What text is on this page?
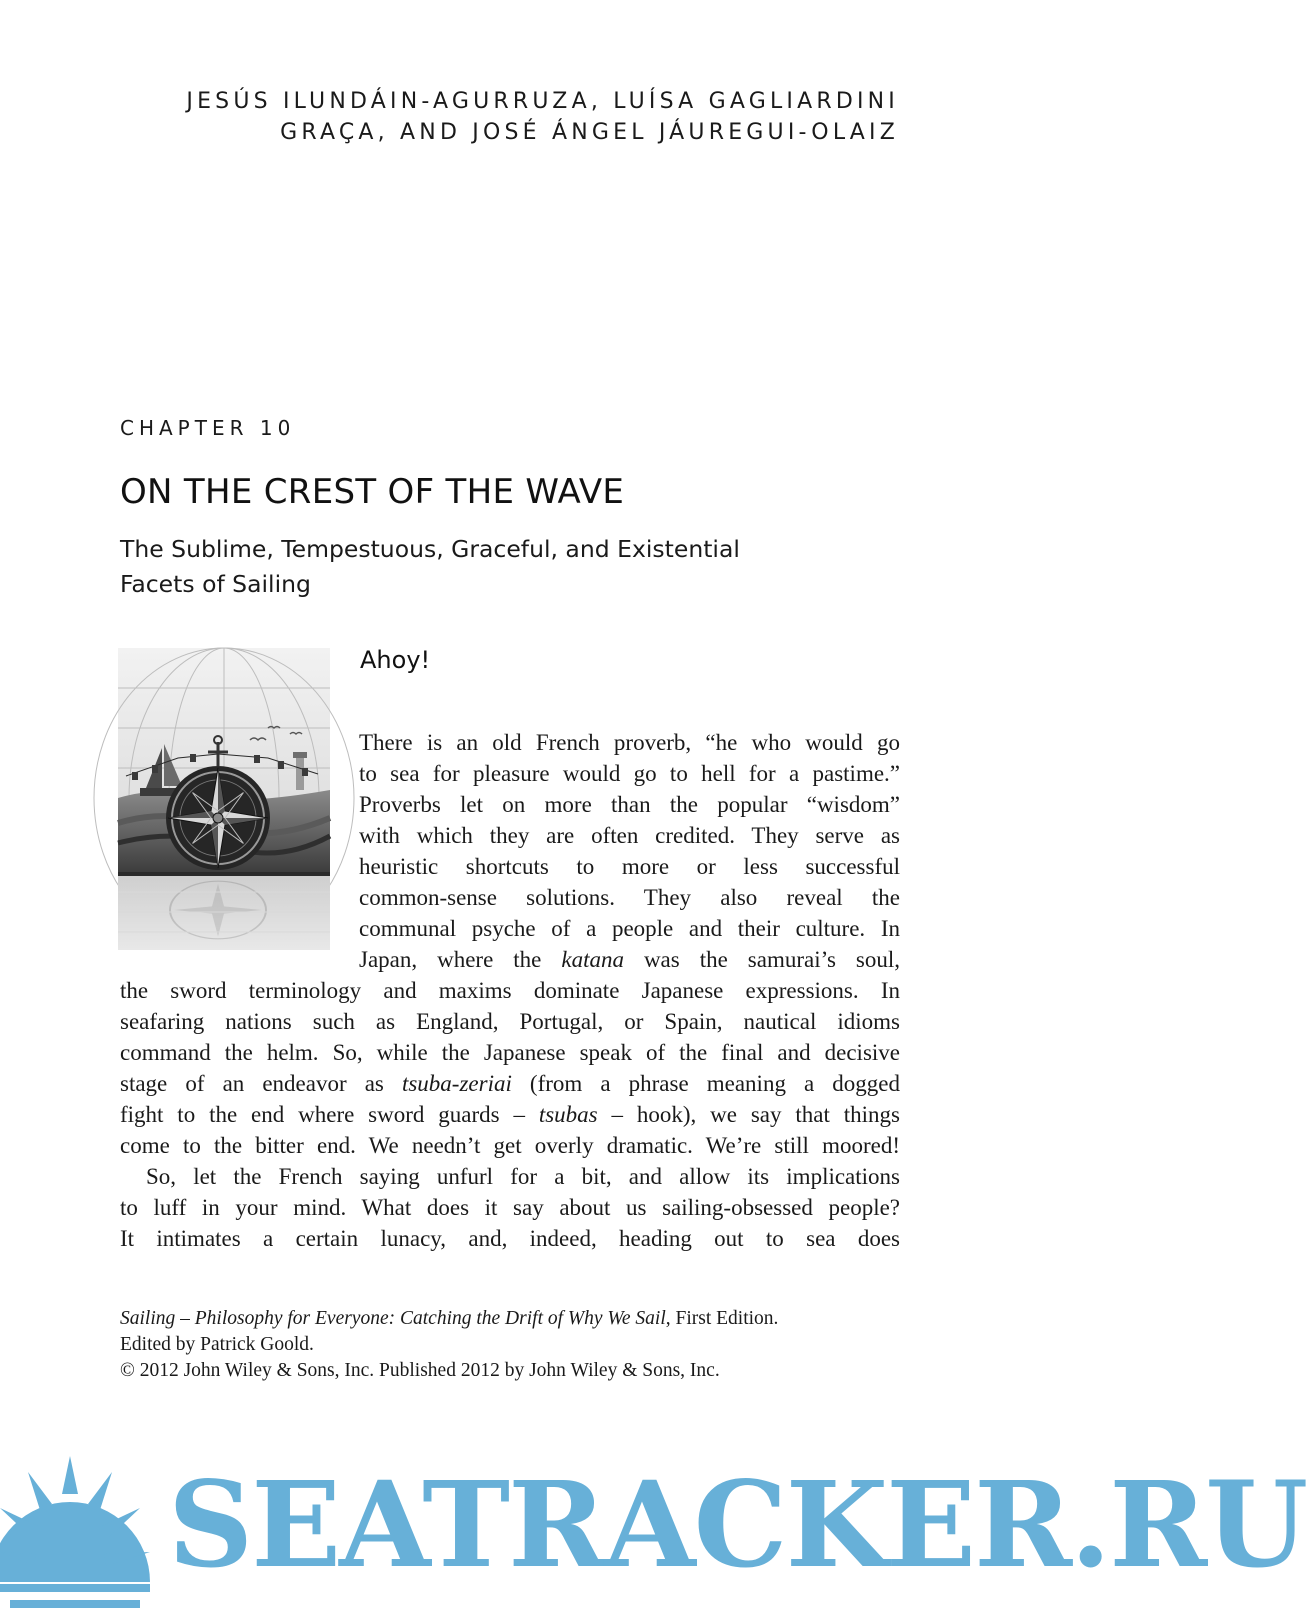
JESÚS ILUNDÁIN-AGURRUZA, LUÍSA GAGLIARDINI
GRAÇA, AND JOSÉ ÁNGEL JÁUREGUI-OLAIZ
CHAPTER 10
ON THE CREST OF THE WAVE
The Sublime, Tempestuous, Graceful, and Existential
Facets of Sailing
Ahoy!
There is an old French proverb, “he who would go
to sea for pleasure would go to hell for a pastime.”
Proverbs let on more than the popular “wisdom”
with which they are often credited. They serve as
heuristic shortcuts to more or less successful
common-sense solutions. They also reveal the
communal psyche of a people and their culture. In
Japan, where the katana was the samurai’s soul,
the sword terminology and maxims dominate Japanese expressions. In
seafaring nations such as England, Portugal, or Spain, nautical idioms
command the helm. So, while the Japanese speak of the final and decisive
stage of an endeavor as tsuba-zeriai (from a phrase meaning a dogged
fight to the end where sword guards – tsubas – hook), we say that things
come to the bitter end. We needn’t get overly dramatic. We’re still moored!
So, let the French saying unfurl for a bit, and allow its implications
to luff in your mind. What does it say about us sailing-obsessed people?
It intimates a certain lunacy, and, indeed, heading out to sea does
Sailing – Philosophy for Everyone: Catching the Drift of Why We Sail, First Edition.
Edited by Patrick Goold.
© 2012 John Wiley & Sons, Inc. Published 2012 by John Wiley & Sons, Inc.
SEATRACKER.RU
